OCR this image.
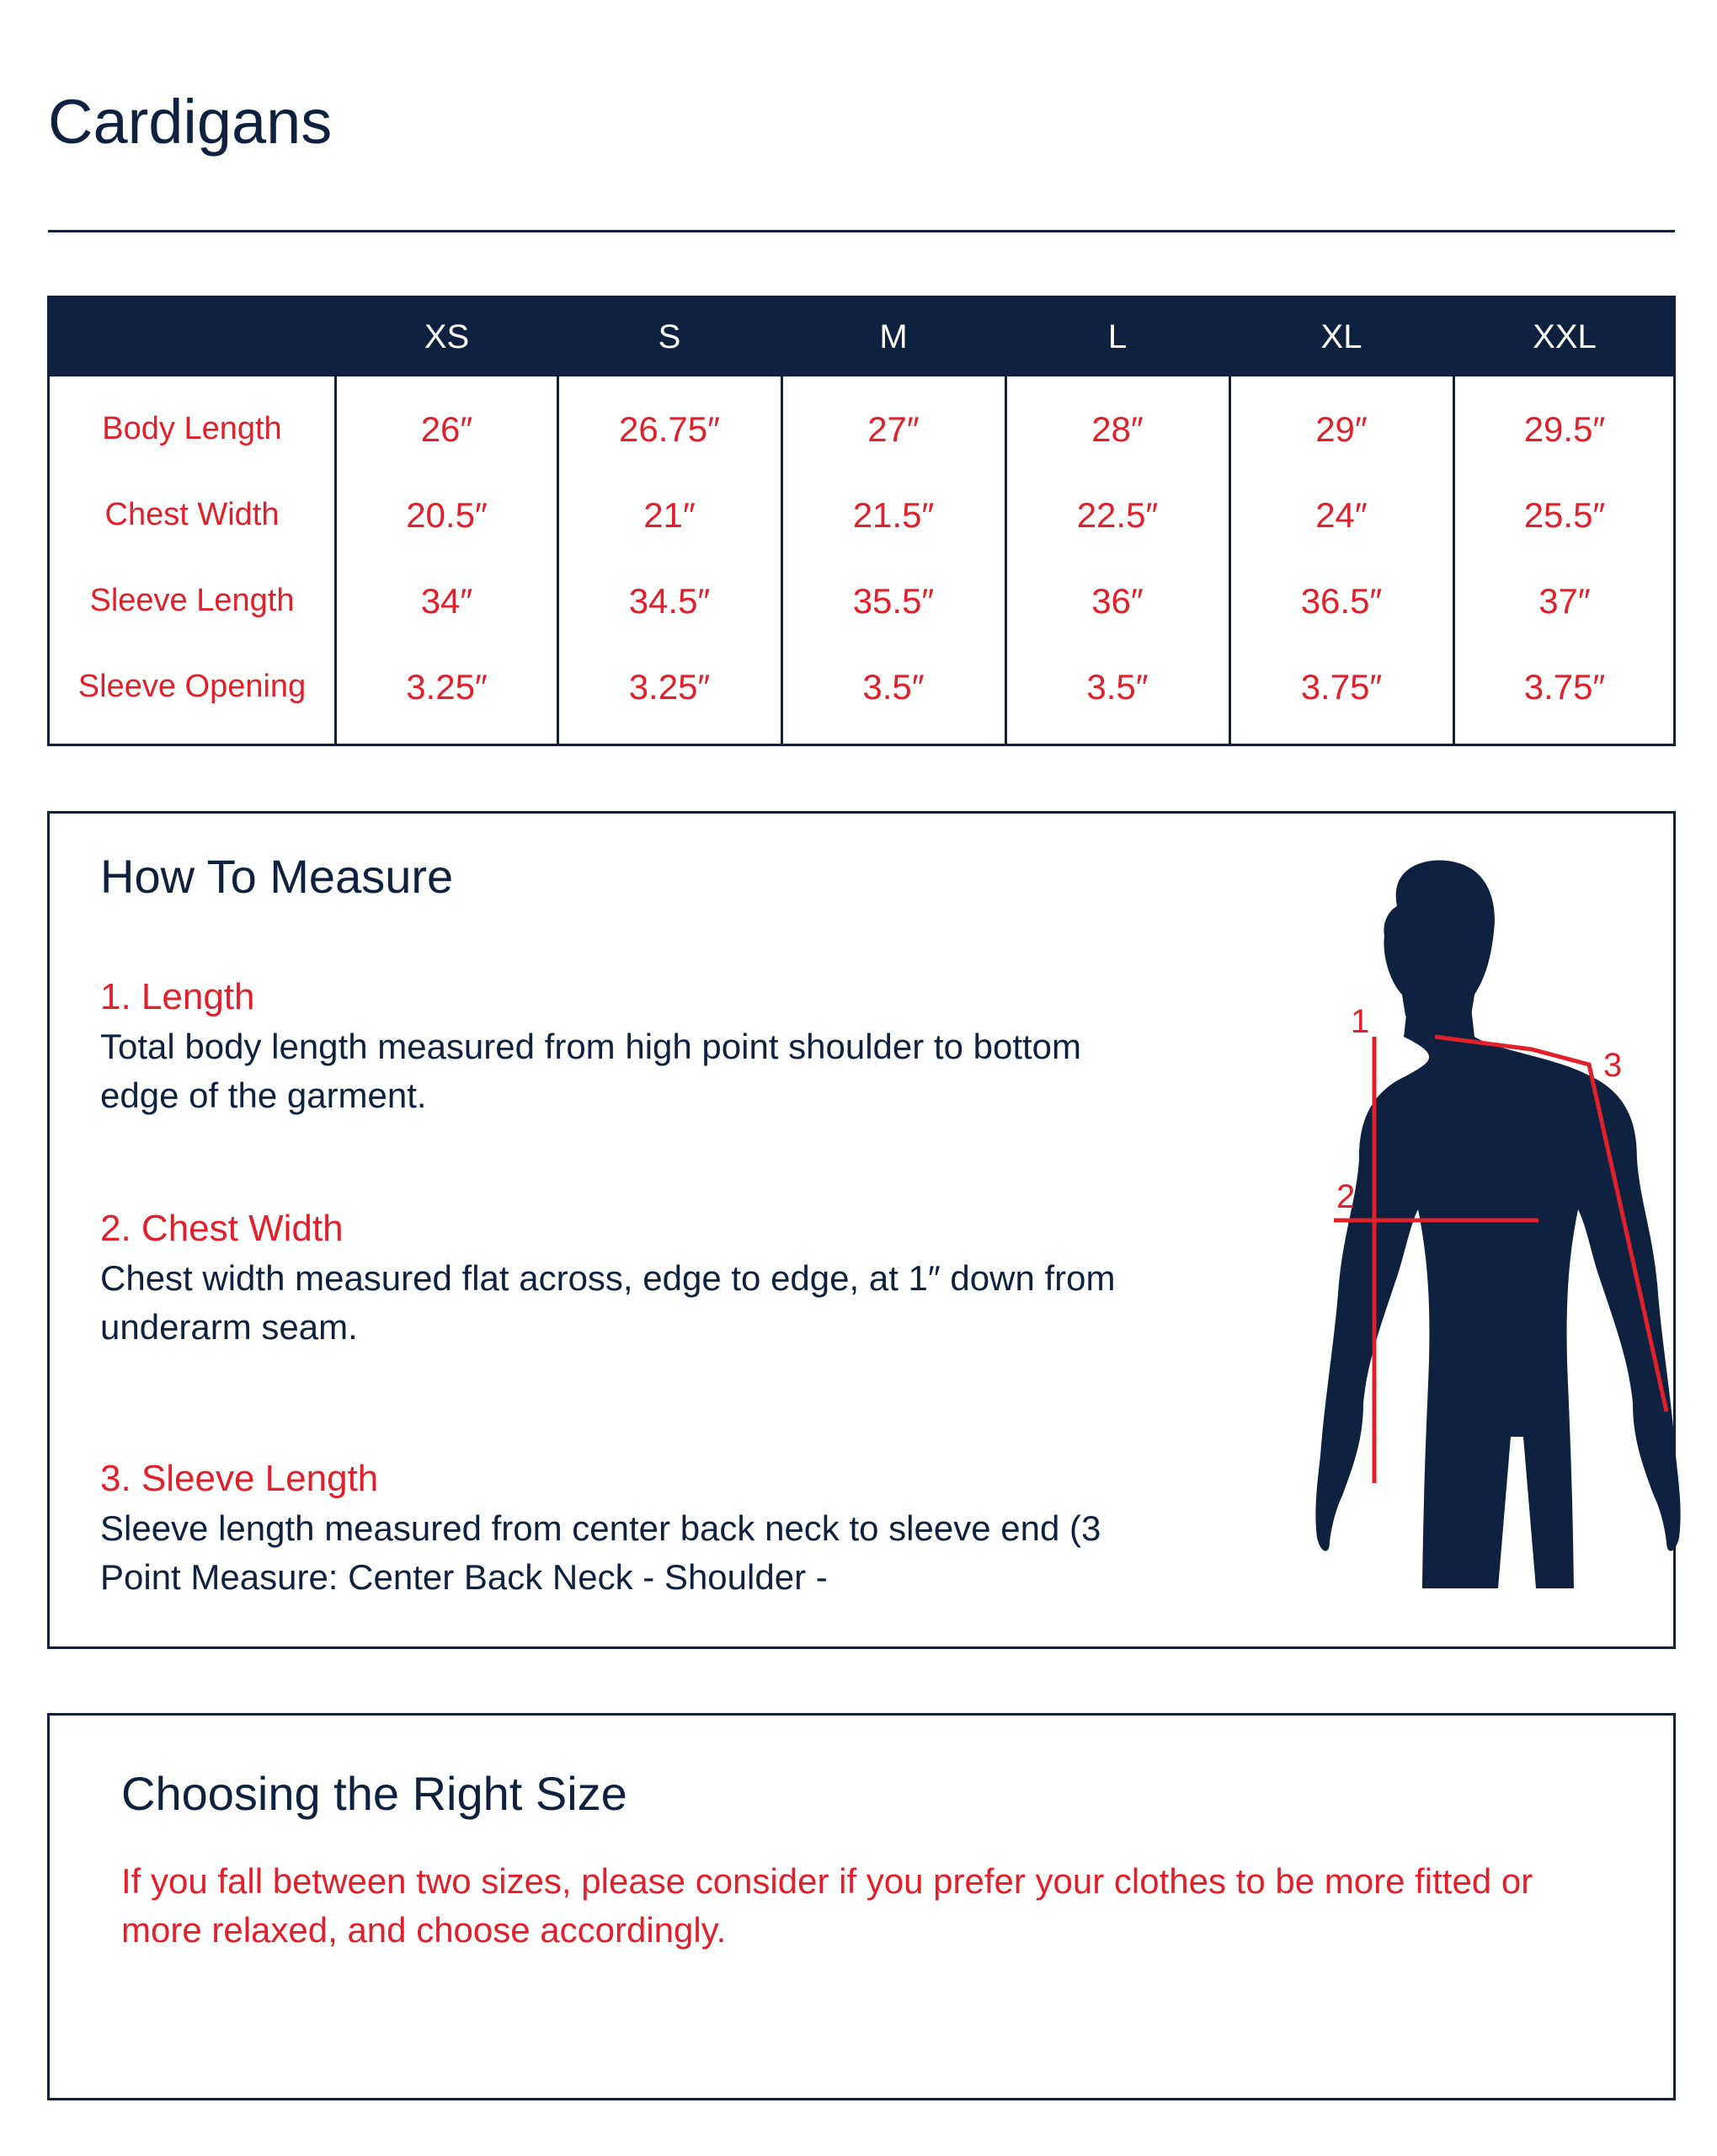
Cardigans
XS	S	M	L	XL	XXL
Body Length	26″	26.75″	27″	28″	29″	29.5″
Chest Width	20.5″	21″	21.5″	22.5″	24″	25.5″
Sleeve Length	34″	34.5″	35.5″	36″	36.5″	37″
Sleeve Opening	3.25″	3.25″	3.5″	3.5″	3.75″	3.75″
How To Measure
1. Length
Total body length measured from high point shoulder to bottom edge of the garment.
2. Chest Width
Chest width measured flat across, edge to edge, at 1″ down from underarm seam.
3. Sleeve Length
Sleeve length measured from center back neck to sleeve end (3 Point Measure: Center Back Neck - Shoulder -
1
2
3
Choosing the Right Size
If you fall between two sizes, please consider if you prefer your clothes to be more fitted or more relaxed, and choose accordingly.
